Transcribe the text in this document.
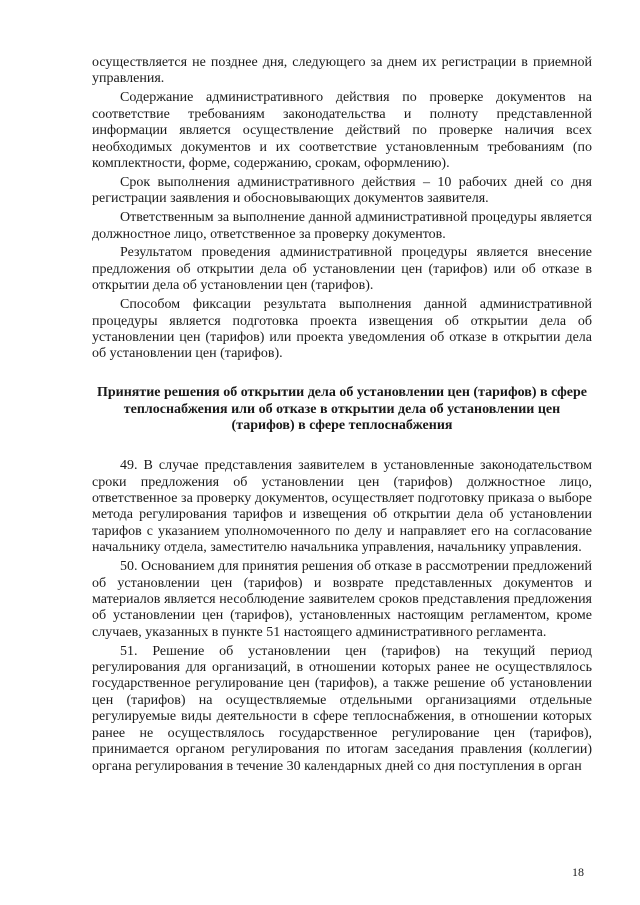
осуществляется не позднее дня, следующего за днем их регистрации в приемной управления.

Содержание административного действия по проверке документов на соответствие требованиям законодательства и полноту представленной информации является осуществление действий по проверке наличия всех необходимых документов и их соответствие установленным требованиям (по комплектности, форме, содержанию, срокам, оформлению).

Срок выполнения административного действия – 10 рабочих дней со дня регистрации заявления и обосновывающих документов заявителя.

Ответственным за выполнение данной административной процедуры является должностное лицо, ответственное за проверку документов.

Результатом проведения административной процедуры является внесение предложения об открытии дела об установлении цен (тарифов) или об отказе в открытии дела об установлении цен (тарифов).

Способом фиксации результата выполнения данной административной процедуры является подготовка проекта извещения об открытии дела об установлении цен (тарифов) или проекта уведомления об отказе в открытии дела об установлении цен (тарифов).

Принятие решения об открытии дела об установлении цен (тарифов) в сфере теплоснабжения или об отказе в открытии дела об установлении цен (тарифов) в сфере теплоснабжения

49. В случае представления заявителем в установленные законодательством сроки предложения об установлении цен (тарифов) должностное лицо, ответственное за проверку документов, осуществляет подготовку приказа о выборе метода регулирования тарифов и извещения об открытии дела об установлении тарифов с указанием уполномоченного по делу и направляет его на согласование начальнику отдела, заместителю начальника управления, начальнику управления.

50. Основанием для принятия решения об отказе в рассмотрении предложений об установлении цен (тарифов) и возврате представленных документов и материалов является несоблюдение заявителем сроков представления предложения об установлении цен (тарифов), установленных настоящим регламентом, кроме случаев, указанных в пункте 51 настоящего административного регламента.

51. Решение об установлении цен (тарифов) на текущий период регулирования для организаций, в отношении которых ранее не осуществлялось государственное регулирование цен (тарифов), а также решение об установлении цен (тарифов) на осуществляемые отдельными организациями отдельные регулируемые виды деятельности в сфере теплоснабжения, в отношении которых ранее не осуществлялось государственное регулирование цен (тарифов), принимается органом регулирования по итогам заседания правления (коллегии) органа регулирования в течение 30 календарных дней со дня поступления в орган

18
